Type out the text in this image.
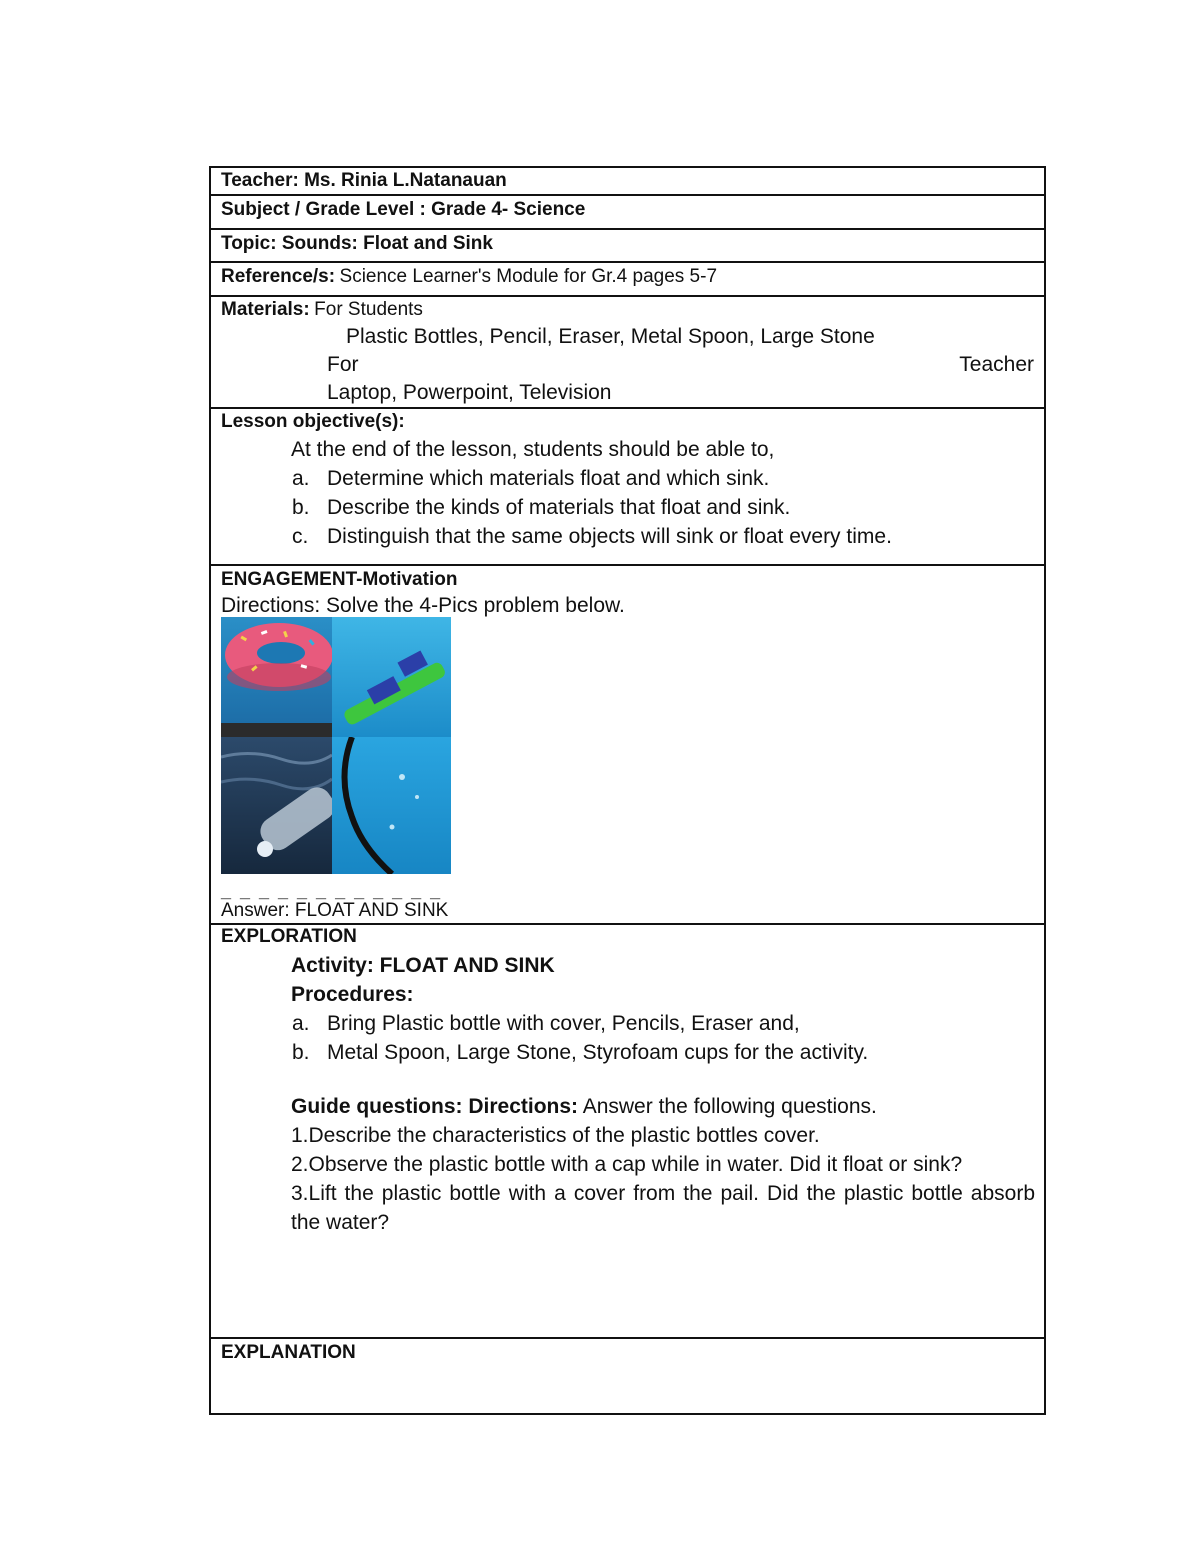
Teacher: Ms. Rinia L.Natanauan
Subject / Grade Level : Grade 4- Science
Topic: Sounds: Float and Sink
Reference/s: Science Learner's Module for Gr.4 pages 5-7
Materials: For Students
Plastic Bottles, Pencil, Eraser, Metal Spoon, Large Stone
For	Teacher
Laptop, Powerpoint, Television
Lesson objective(s):
At the end of the lesson, students should be able to,
a. Determine which materials float and which sink.
b. Describe the kinds of materials that float and sink.
c. Distinguish that the same objects will sink or float every time.
ENGAGEMENT-Motivation
Directions: Solve the 4-Pics problem below.
_ _ _ _ _ _ _ _ _ _ _ _
Answer: FLOAT AND SINK
EXPLORATION
Activity: FLOAT AND SINK
Procedures:
a. Bring Plastic bottle with cover, Pencils, Eraser and,
b. Metal Spoon, Large Stone, Styrofoam cups for the activity.
Guide questions: Directions: Answer the following questions.
1.Describe the characteristics of the plastic bottles cover.
2.Observe the plastic bottle with a cap while in water. Did it float or sink?
3.Lift the plastic bottle with a cover from the pail. Did the plastic bottle absorb the water?
EXPLANATION
